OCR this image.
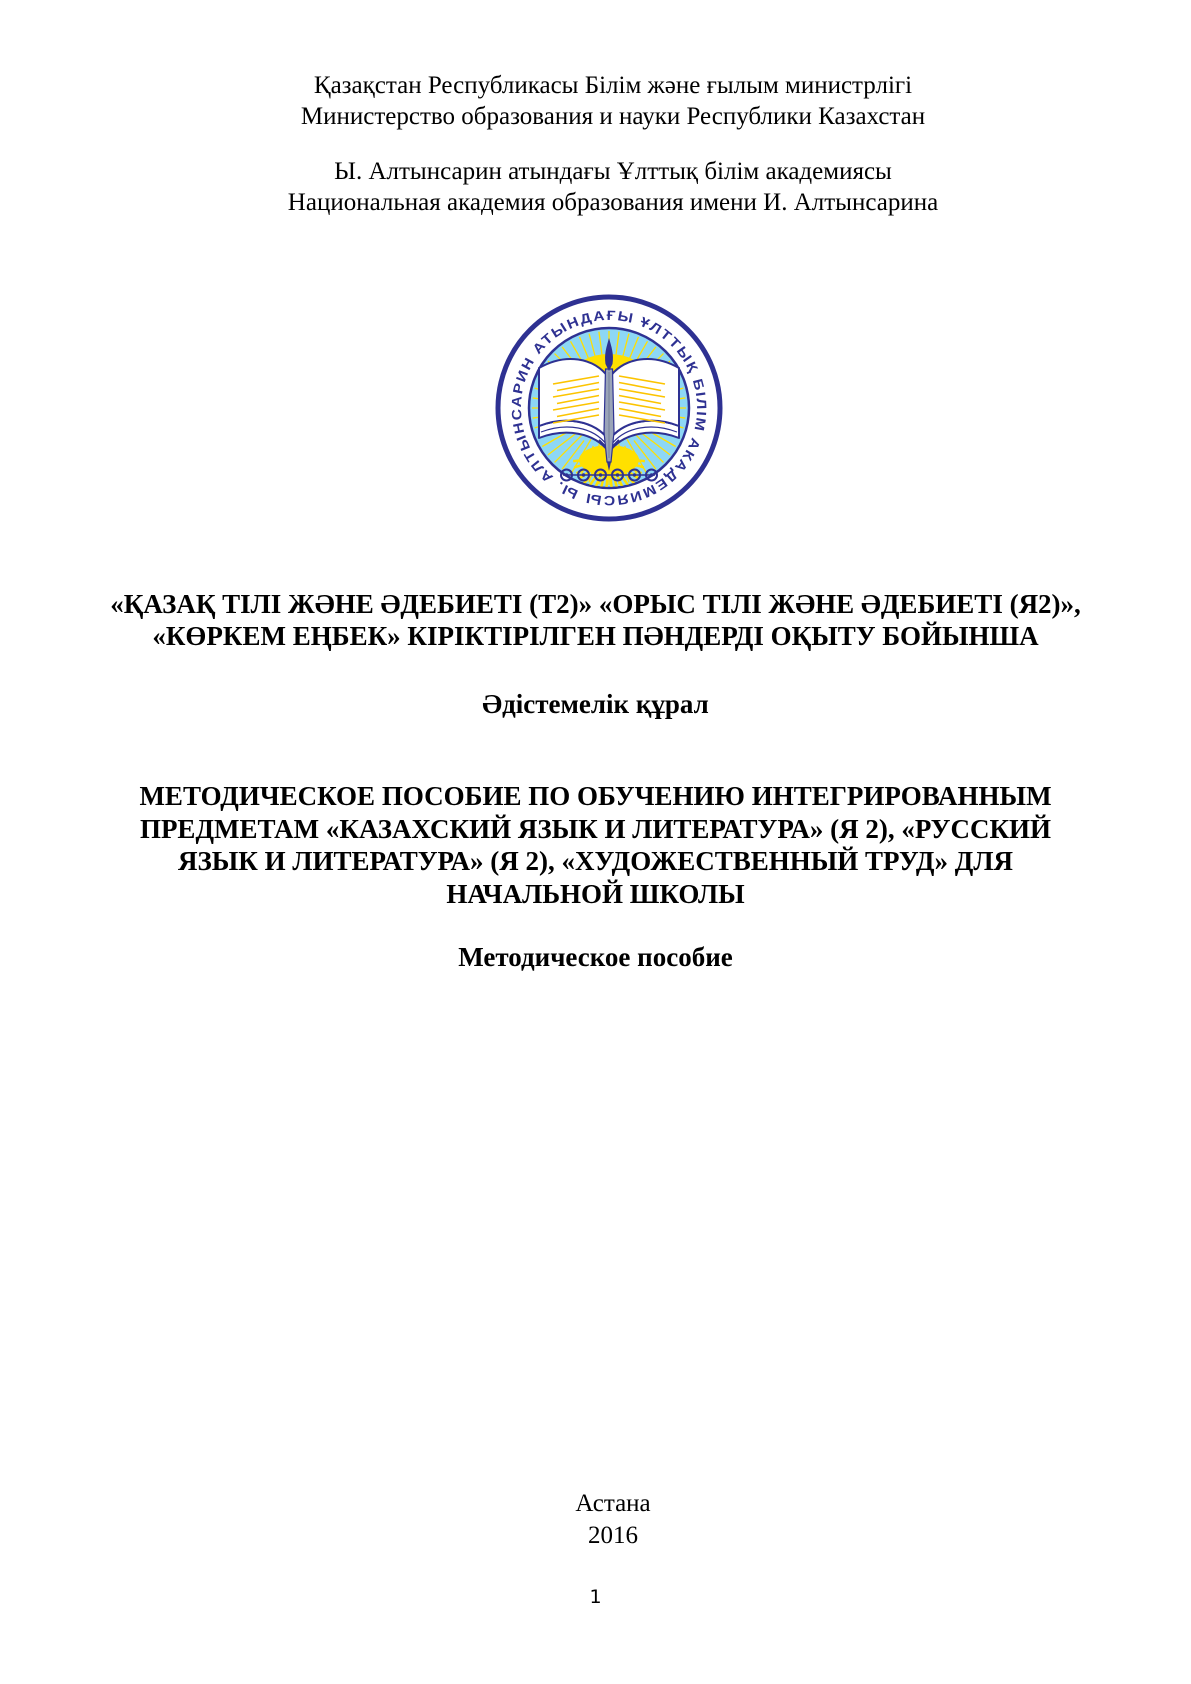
Қазақстан Республикасы Білім және ғылым министрлігі
Министерство образования и науки Республики Казахстан
Ы. Алтынсарин атындағы Ұлттық білім академиясы
Национальная академия образования имени И. Алтынсарина
Ы. АЛТЫНСАРИН АТЫНДАҒЫ ҰЛТТЫҚ БІЛІМ АКАДЕМИЯСЫ
«ҚАЗАҚ ТІЛІ ЖӘНЕ ӘДЕБИЕТІ (Т2)» «ОРЫС ТІЛІ ЖӘНЕ ӘДЕБИЕТІ (Я2)»,
«КӨРКЕМ ЕҢБЕК» КІРІКТІРІЛГЕН ПӘНДЕРДІ ОҚЫТУ БОЙЫНША
Әдістемелік құрал
МЕТОДИЧЕСКОЕ ПОСОБИЕ ПО ОБУЧЕНИЮ ИНТЕГРИРОВАННЫМ
ПРЕДМЕТАМ «КАЗАХСКИЙ ЯЗЫК И ЛИТЕРАТУРА» (Я 2), «РУССКИЙ
ЯЗЫК И ЛИТЕРАТУРА» (Я 2), «ХУДОЖЕСТВЕННЫЙ ТРУД» ДЛЯ
НАЧАЛЬНОЙ ШКОЛЫ
Методическое пособие
Астана
2016
1
